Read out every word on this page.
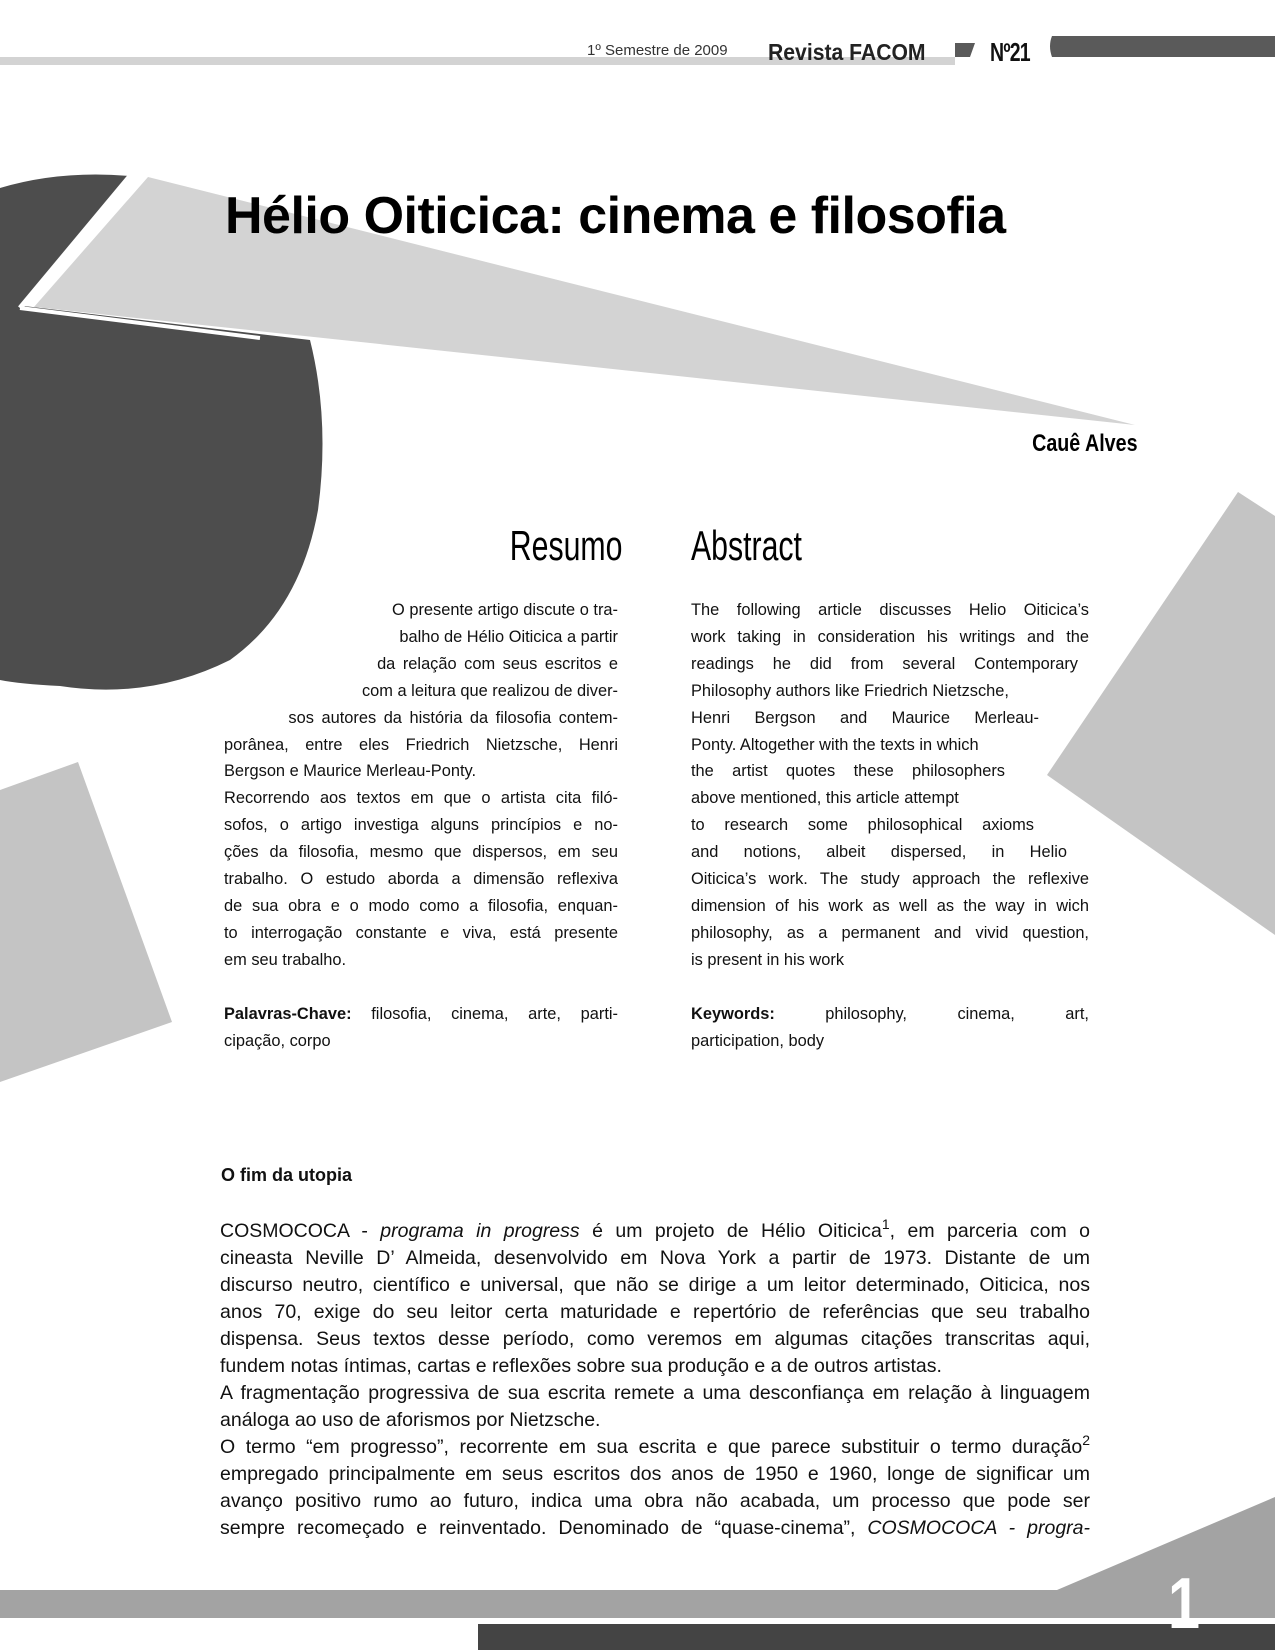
1º Semestre de 2009 Revista FACOM Nº21
Hélio Oiticica: cinema e filosofia
Cauê Alves
Resumo Abstract
O presente artigo discute o tra-
balho de Hélio Oiticica a partir
da relação com seus escritos e
com a leitura que realizou de diver-
sos autores da história da filosofia contem-
porânea, entre eles Friedrich Nietzsche, Henri
Bergson e Maurice Merleau-Ponty.
Recorrendo aos textos em que o artista cita filó-
sofos, o artigo investiga alguns princípios e no-
ções da filosofia, mesmo que dispersos, em seu
trabalho. O estudo aborda a dimensão reflexiva
de sua obra e o modo como a filosofia, enquan-
to interrogação constante e viva, está presente
em seu trabalho.
Palavras-Chave: filosofia, cinema, arte, parti-
cipação, corpo
The following article discusses Helio Oiticica’s
work taking in consideration his writings and the
readings he did from several Contemporary
Philosophy authors like Friedrich Nietzsche,
Henri Bergson and Maurice Merleau-
Ponty. Altogether with the texts in which
the artist quotes these philosophers
above mentioned, this article attempt
to research some philosophical axioms
and notions, albeit dispersed, in Helio
Oiticica’s work. The study approach the reflexive
dimension of his work as well as the way in wich
philosophy, as a permanent and vivid question,
is present in his work
Keywords: philosophy, cinema, art,
participation, body
O fim da utopia
COSMOCOCA - programa in progress é um projeto de Hélio Oiticica$^1$, em parceria com o
cineasta Neville D’ Almeida, desenvolvido em Nova York a partir de 1973. Distante de um
discurso neutro, científico e universal, que não se dirige a um leitor determinado, Oiticica, nos
anos 70, exige do seu leitor certa maturidade e repertório de referências que seu trabalho
dispensa. Seus textos desse período, como veremos em algumas citações transcritas aqui,
fundem notas íntimas, cartas e reflexões sobre sua produção e a de outros artistas.
A fragmentação progressiva de sua escrita remete a uma desconfiança em relação à linguagem
análoga ao uso de aforismos por Nietzsche.
O termo “em progresso”, recorrente em sua escrita e que parece substituir o termo duração$^2$
empregado principalmente em seus escritos dos anos de 1950 e 1960, longe de significar um
avanço positivo rumo ao futuro, indica uma obra não acabada, um processo que pode ser
sempre recomeçado e reinventado. Denominado de “quase-cinema”, COSMOCOCA - progra-
1
